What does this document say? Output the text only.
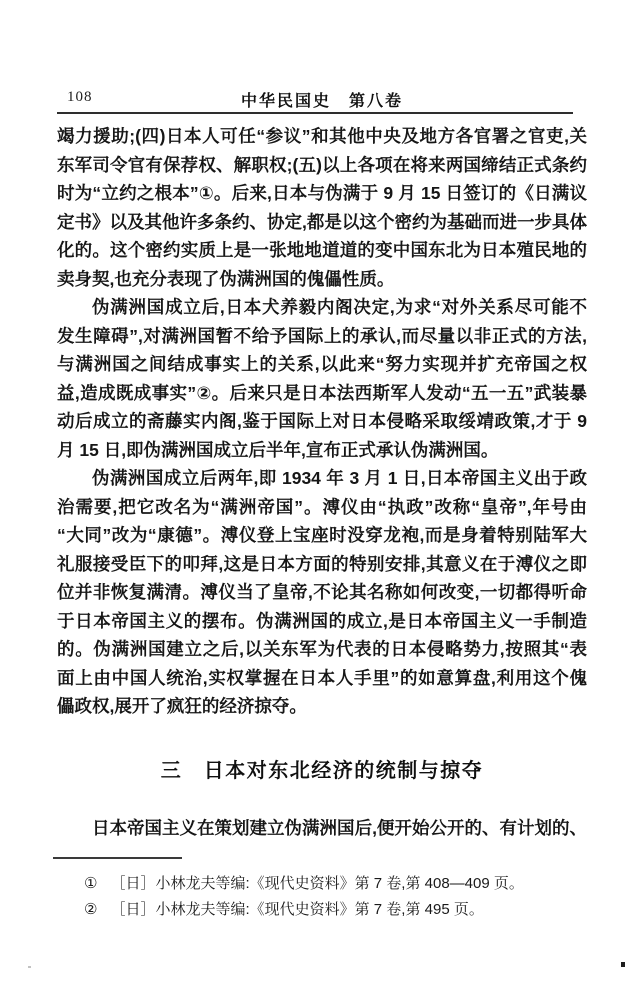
108	中华民国史　第八卷
竭力援助;(四)日本人可任“参议”和其他中央及地方各官署之官吏,关
东军司令官有保荐权、解职权;(五)以上各项在将来两国缔结正式条约
时为“立约之根本”①。后来,日本与伪满于 9 月 15 日签订的《日满议
定书》以及其他许多条约、协定,都是以这个密约为基础而进一步具体
化的。这个密约实质上是一张地地道道的变中国东北为日本殖民地的
卖身契,也充分表现了伪满洲国的傀儡性质。
伪满洲国成立后,日本犬养毅内阁决定,为求“对外关系尽可能不
发生障碍”,对满洲国暂不给予国际上的承认,而尽量以非正式的方法,
与满洲国之间结成事实上的关系,以此来“努力实现并扩充帝国之权
益,造成既成事实”②。后来只是日本法西斯军人发动“五一五”武装暴
动后成立的斋藤实内阁,鉴于国际上对日本侵略采取绥靖政策,才于 9
月 15 日,即伪满洲国成立后半年,宣布正式承认伪满洲国。
伪满洲国成立后两年,即 1934 年 3 月 1 日,日本帝国主义出于政
治需要,把它改名为“满洲帝国”。溥仪由“执政”改称“皇帝”,年号由
“大同”改为“康德”。溥仪登上宝座时没穿龙袍,而是身着特别陆军大
礼服接受臣下的叩拜,这是日本方面的特别安排,其意义在于溥仪之即
位并非恢复满清。溥仪当了皇帝,不论其名称如何改变,一切都得听命
于日本帝国主义的摆布。伪满洲国的成立,是日本帝国主义一手制造
的。伪满洲国建立之后,以关东军为代表的日本侵略势力,按照其“表
面上由中国人统治,实权掌握在日本人手里”的如意算盘,利用这个傀
儡政权,展开了疯狂的经济掠夺。
三　日本对东北经济的统制与掠夺
日本帝国主义在策划建立伪满洲国后,便开始公开的、有计划的、
① ［日］小林龙夫等编:《现代史资料》第 7 卷,第 408—409 页。
② ［日］小林龙夫等编:《现代史资料》第 7 卷,第 495 页。
